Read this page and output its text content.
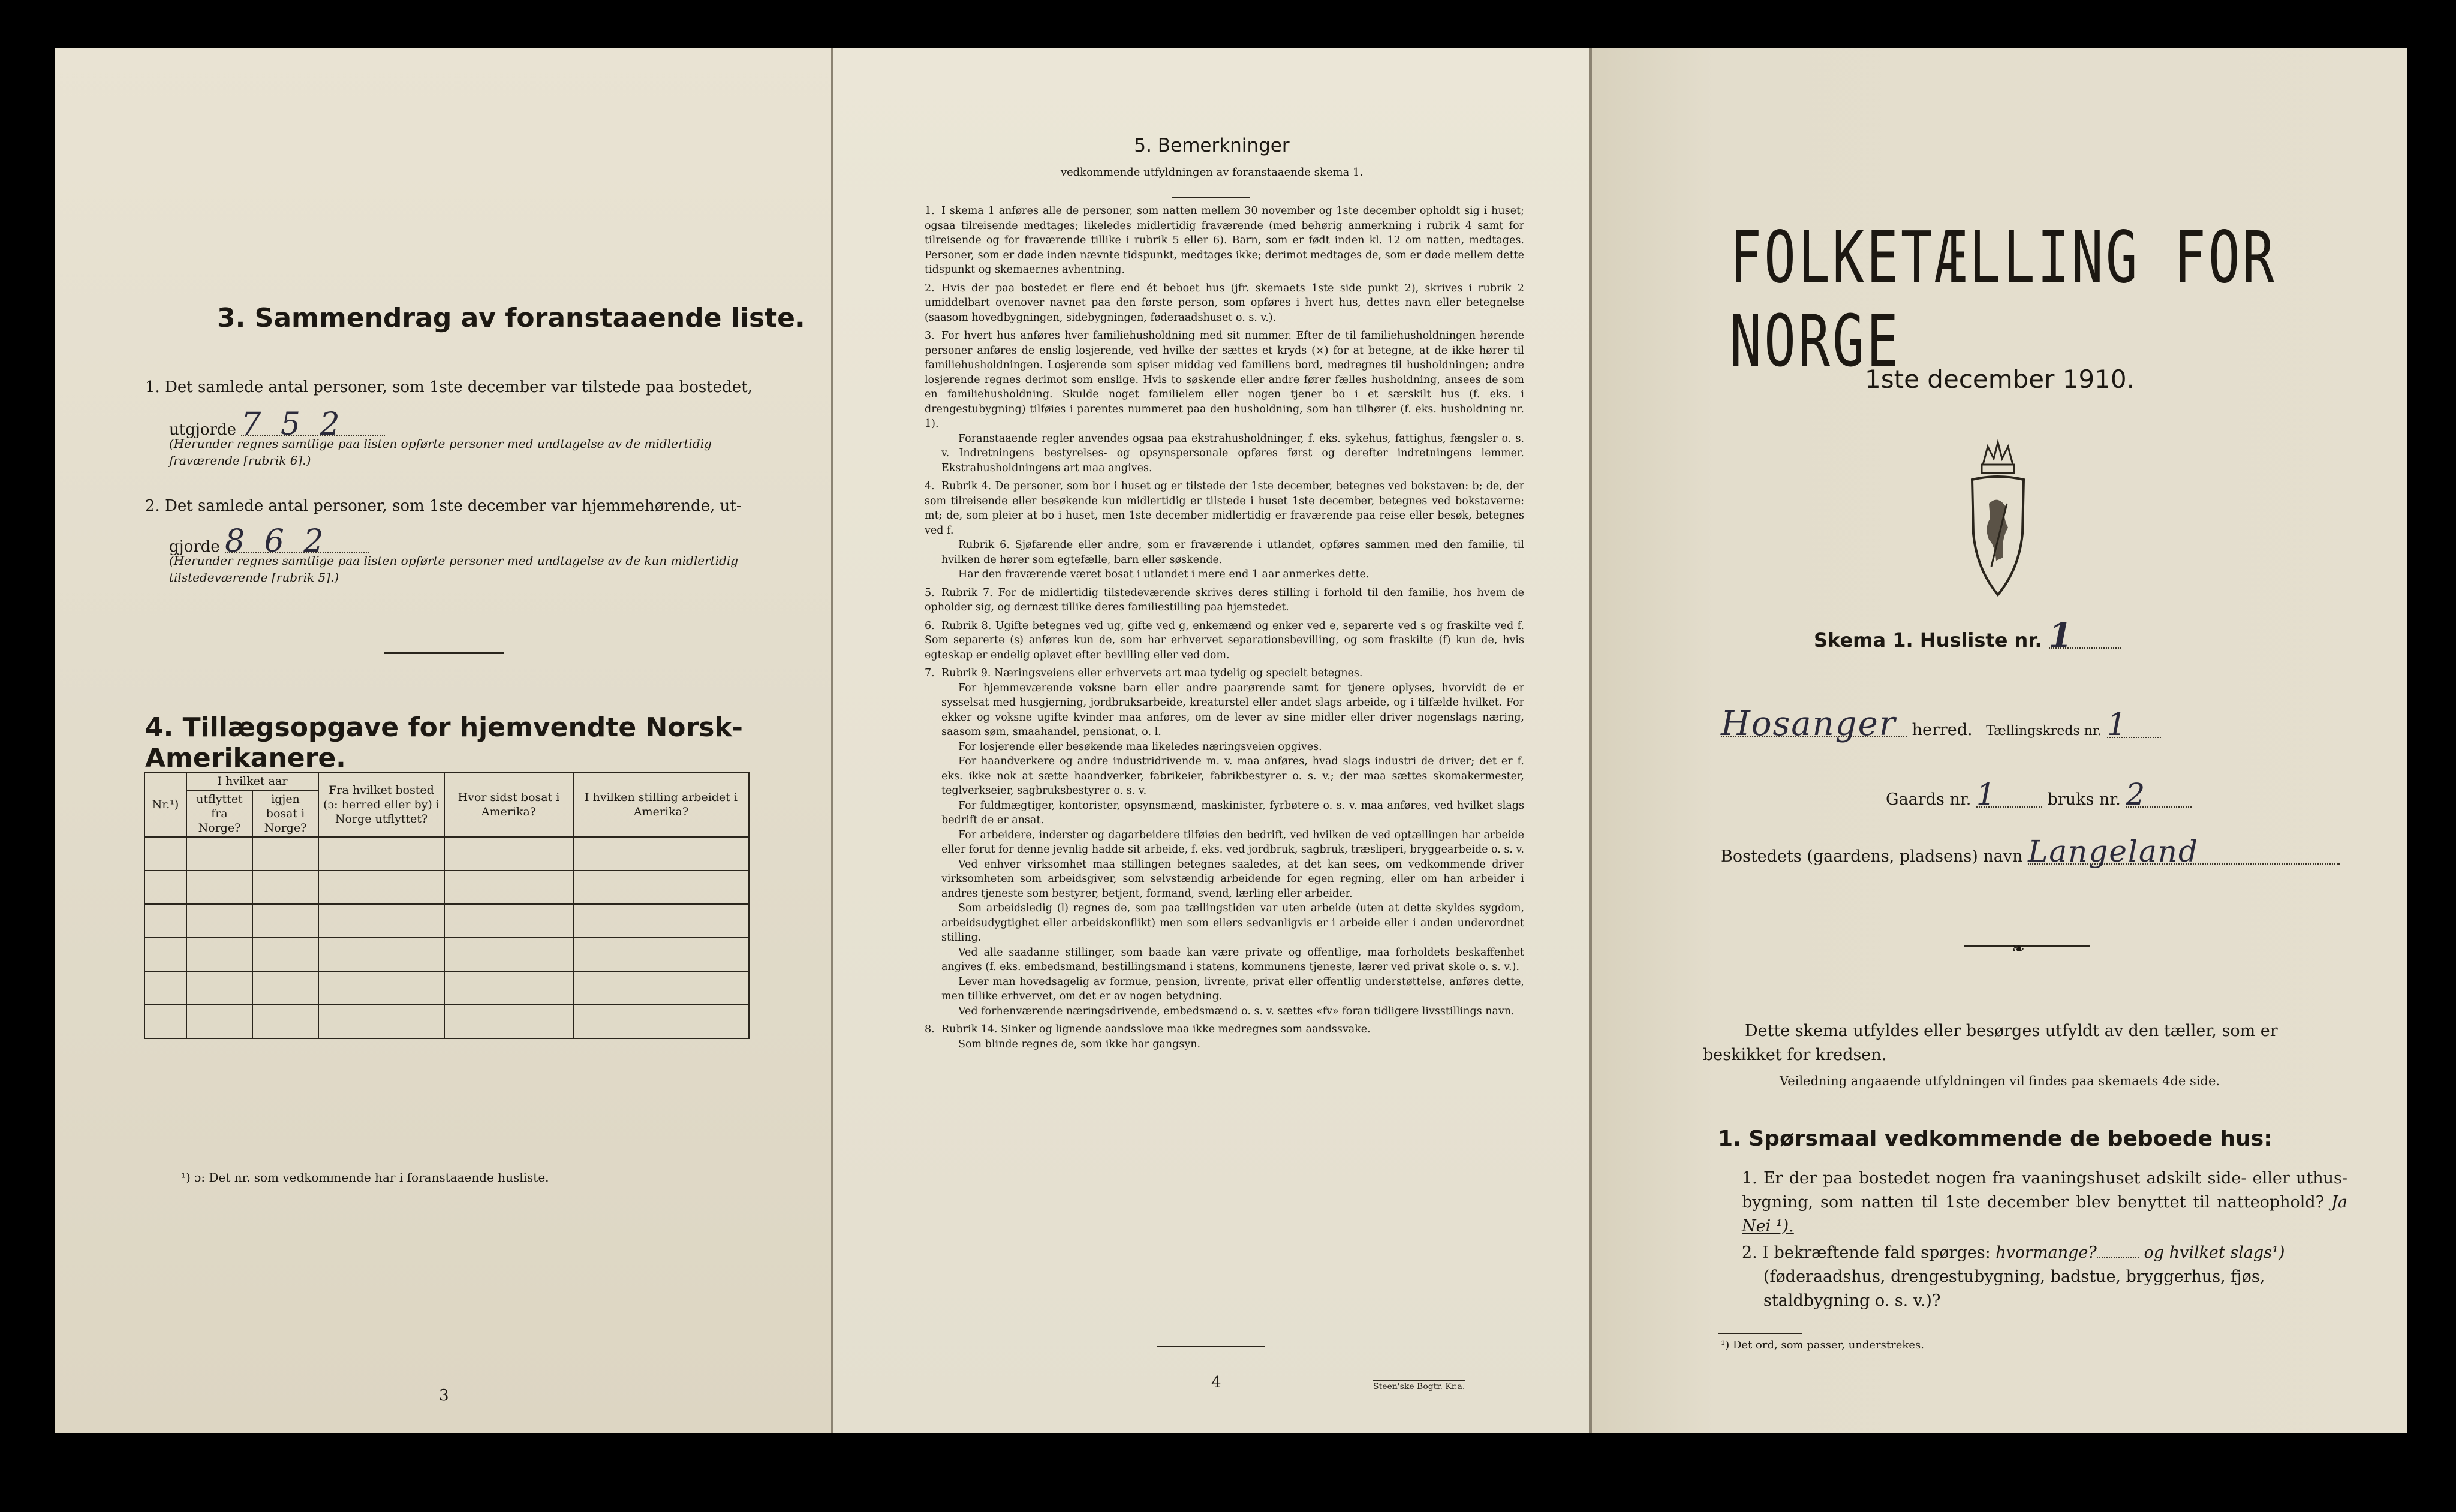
3. Sammendrag av foranstaaende liste.
1. Det samlede antal personer, som 1ste december var tilstede paa bostedet,
utgjorde 7 5 2
(Herunder regnes samtlige paa listen opførte personer med undtagelse av de midlertidig fraværende [rubrik 6].)
2. Det samlede antal personer, som 1ste december var hjemmehørende, ut-
gjorde 8 6 2
(Herunder regnes samtlige paa listen opførte personer med undtagelse av de kun midlertidig tilstedeværende [rubrik 5].)
4. Tillægsopgave for hjemvendte Norsk-Amerikanere.
Nr.¹)	I hvilket aar		Fra hvilket bosted (ɔ: herred eller by) i Norge utflyttet?	Hvor sidst bosat i Amerika?	I hvilken stilling arbeidet i Amerika?
	utflyttet fra Norge?	igjen bosat i Norge?			

¹) ɔ: Det nr. som vedkommende har i foranstaaende husliste.
3
5. Bemerkninger
vedkommende utfyldningen av foranstaaende skema 1.

1. I skema 1 anføres alle de personer, som natten mellem 30 november og 1ste december opholdt sig i huset; ogsaa tilreisende medtages; likeledes midlertidig fraværende (med behørig anmerkning i rubrik 4 samt for tilreisende og for fraværende tillike i rubrik 5 eller 6). Barn, som er født inden kl. 12 om natten, medtages. Personer, som er døde inden nævnte tidspunkt, medtages ikke; derimot medtages de, som er døde mellem dette tidspunkt og skemaernes avhentning.

2. Hvis der paa bostedet er flere end ét beboet hus (jfr. skemaets 1ste side punkt 2), skrives i rubrik 2 umiddelbart ovenover navnet paa den første person, som opføres i hvert hus, dettes navn eller betegnelse (saasom hovedbygningen, sidebygningen, føderaadshuset o. s. v.).

3. For hvert hus anføres hver familiehusholdning med sit nummer. Efter de til familiehusholdningen hørende personer anføres de enslig losjerende, ved hvilke der sættes et kryds (×) for at betegne, at de ikke hører til familiehusholdningen. Losjerende som spiser middag ved familiens bord, medregnes til husholdningen; andre losjerende regnes derimot som enslige. Hvis to søskende eller andre fører fælles husholdning, ansees de som en familiehusholdning. Skulde noget familielem eller nogen tjener bo i et særskilt hus (f. eks. i drengestubygning) tilføies i parentes nummeret paa den husholdning, som han tilhører (f. eks. husholdning nr. 1).

Foranstaaende regler anvendes ogsaa paa ekstrahusholdninger, f. eks. sykehus, fattighus, fængsler o. s. v. Indretningens bestyrelses- og opsynspersonale opføres først og derefter indretningens lemmer. Ekstrahusholdningens art maa angives.

4. Rubrik 4. De personer, som bor i huset og er tilstede der 1ste december, betegnes ved bokstaven: b; de, der som tilreisende eller besøkende kun midlertidig er tilstede i huset 1ste december, betegnes ved bokstaverne: mt; de, som pleier at bo i huset, men 1ste december midlertidig er fraværende paa reise eller besøk, betegnes ved f.

Rubrik 6. Sjøfarende eller andre, som er fraværende i utlandet, opføres sammen med den familie, til hvilken de hører som egtefælle, barn eller søskende.

Har den fraværende været bosat i utlandet i mere end 1 aar anmerkes dette.

5. Rubrik 7. For de midlertidig tilstedeværende skrives deres stilling i forhold til den familie, hos hvem de opholder sig, og dernæst tillike deres familiestilling paa hjemstedet.

6. Rubrik 8. Ugifte betegnes ved ug, gifte ved g, enkemænd og enker ved e, separerte ved s og fraskilte ved f. Som separerte (s) anføres kun de, som har erhvervet separationsbevilling, og som fraskilte (f) kun de, hvis egteskap er endelig opløvet efter bevilling eller ved dom.

7. Rubrik 9. Næringsveiens eller erhvervets art maa tydelig og specielt betegnes.

For hjemmeværende voksne barn eller andre paarørende samt for tjenere oplyses, hvorvidt de er sysselsat med husgjerning, jordbruksarbeide, kreaturstel eller andet slags arbeide, og i tilfælde hvilket. For ekker og voksne ugifte kvinder maa anføres, om de lever av sine midler eller driver nogenslags næring, saasom søm, smaahandel, pensionat, o. l.

For losjerende eller besøkende maa likeledes næringsveien opgives.

For haandverkere og andre industridrivende m. v. maa anføres, hvad slags industri de driver; det er f. eks. ikke nok at sætte haandverker, fabrikeier, fabrikbestyrer o. s. v.; der maa sættes skomakermester, teglverkseier, sagbruksbestyrer o. s. v.

For fuldmægtiger, kontorister, opsynsmænd, maskinister, fyrbøtere o. s. v. maa anføres, ved hvilket slags bedrift de er ansat.

For arbeidere, inderster og dagarbeidere tilføies den bedrift, ved hvilken de ved optællingen har arbeide eller forut for denne jevnlig hadde sit arbeide, f. eks. ved jordbruk, sagbruk, træsliperi, bryggearbeide o. s. v.

Ved enhver virksomhet maa stillingen betegnes saaledes, at det kan sees, om vedkommende driver virksomheten som arbeidsgiver, som selvstændig arbeidende for egen regning, eller om han arbeider i andres tjeneste som bestyrer, betjent, formand, svend, lærling eller arbeider.

Som arbeidsledig (l) regnes de, som paa tællingstiden var uten arbeide (uten at dette skyldes sygdom, arbeidsudygtighet eller arbeidskonflikt) men som ellers sedvanligvis er i arbeide eller i anden underordnet stilling.

Ved alle saadanne stillinger, som baade kan være private og offentlige, maa forholdets beskaffenhet angives (f. eks. embedsmand, bestillingsmand i statens, kommunens tjeneste, lærer ved privat skole o. s. v.).

Lever man hovedsagelig av formue, pension, livrente, privat eller offentlig understøttelse, anføres dette, men tillike erhvervet, om det er av nogen betydning.

Ved forhenværende næringsdrivende, embedsmænd o. s. v. sættes «fv» foran tidligere livsstillings navn.

8. Rubrik 14. Sinker og lignende aandsslove maa ikke medregnes som aandssvake.

Som blinde regnes de, som ikke har gangsyn.

4	Steen'ske Bogtr. Kr.a.
FOLKETÆLLING FOR NORGE
1ste december 1910.
Skema 1. Husliste nr. 1
Hosanger herred. Tællingskreds nr. 1
Gaards nr. 1	bruks nr. 2
Bostedets (gaardens, pladsens) navn Langeland
❧
Dette skema utfyldes eller besørges utfyldt av den tæller, som er beskikket for kredsen.
Veiledning angaaende utfyldningen vil findes paa skemaets 4de side.
1. Spørsmaal vedkommende de beboede hus:
1. Er der paa bostedet nogen fra vaaningshuset adskilt side- eller uthus-bygning, som natten til 1ste december blev benyttet til natteophold? Ja Nei ¹).
2. I bekræftende fald spørges: hvormange?	og hvilket slags¹)
(føderaadshus, drengestubygning, badstue, bryggerhus, fjøs, staldbygning o. s. v.)?
¹) Det ord, som passer, understrekes.
